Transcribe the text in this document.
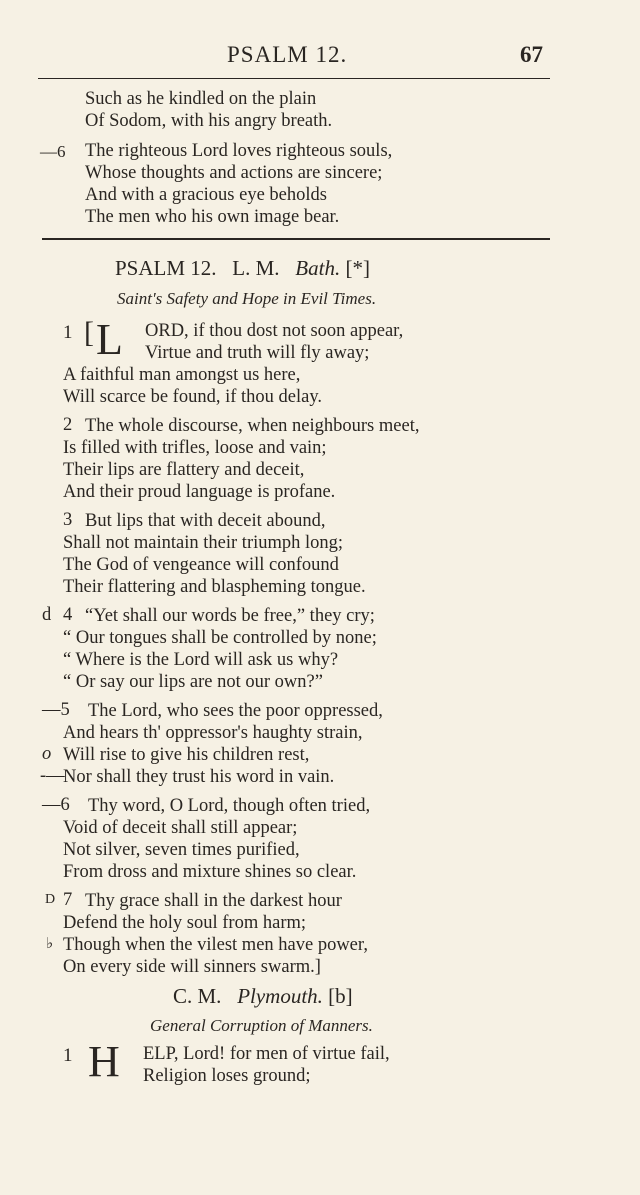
PSALM 12.	67
Such as he kindled on the plain
Of Sodom, with his angry breath.
—6 The righteous Lord loves righteous souls,
Whose thoughts and actions are sincere;
And with a gracious eye beholds
The men who his own image bear.
PSALM 12. L. M. Bath. [*]
Saint's Safety and Hope in Evil Times.
1 [ L ORD, if thou dost not soon appear,
Virtue and truth will fly away;
A faithful man amongst us here,
Will scarce be found, if thou delay.
2 The whole discourse, when neighbours meet,
Is filled with trifles, loose and vain;
Their lips are flattery and deceit,
And their proud language is profane.
3 But lips that with deceit abound,
Shall not maintain their triumph long;
The God of vengeance will confound
Their flattering and blaspheming tongue.
d 4 “Yet shall our words be free,” they cry;
“ Our tongues shall be controlled by none;
“ Where is the Lord will ask us why?
“ Or say our lips are not our own?”
—5 The Lord, who sees the poor oppressed,
And hears th' oppressor's haughty strain,
o Will rise to give his children rest,
-—
Nor shall they trust his word in vain.
—6 Thy word, O Lord, though often tried,
Void of deceit shall still appear;
Not silver, seven times purified,
From dross and mixture shines so clear.
D 7 Thy grace shall in the darkest hour
Defend the holy soul from harm;
♭ Though when the vilest men have power,
On every side will sinners swarm.]
C. M. Plymouth. [b]
General Corruption of Manners.
1 H ELP, Lord! for men of virtue fail,
Religion loses ground;
